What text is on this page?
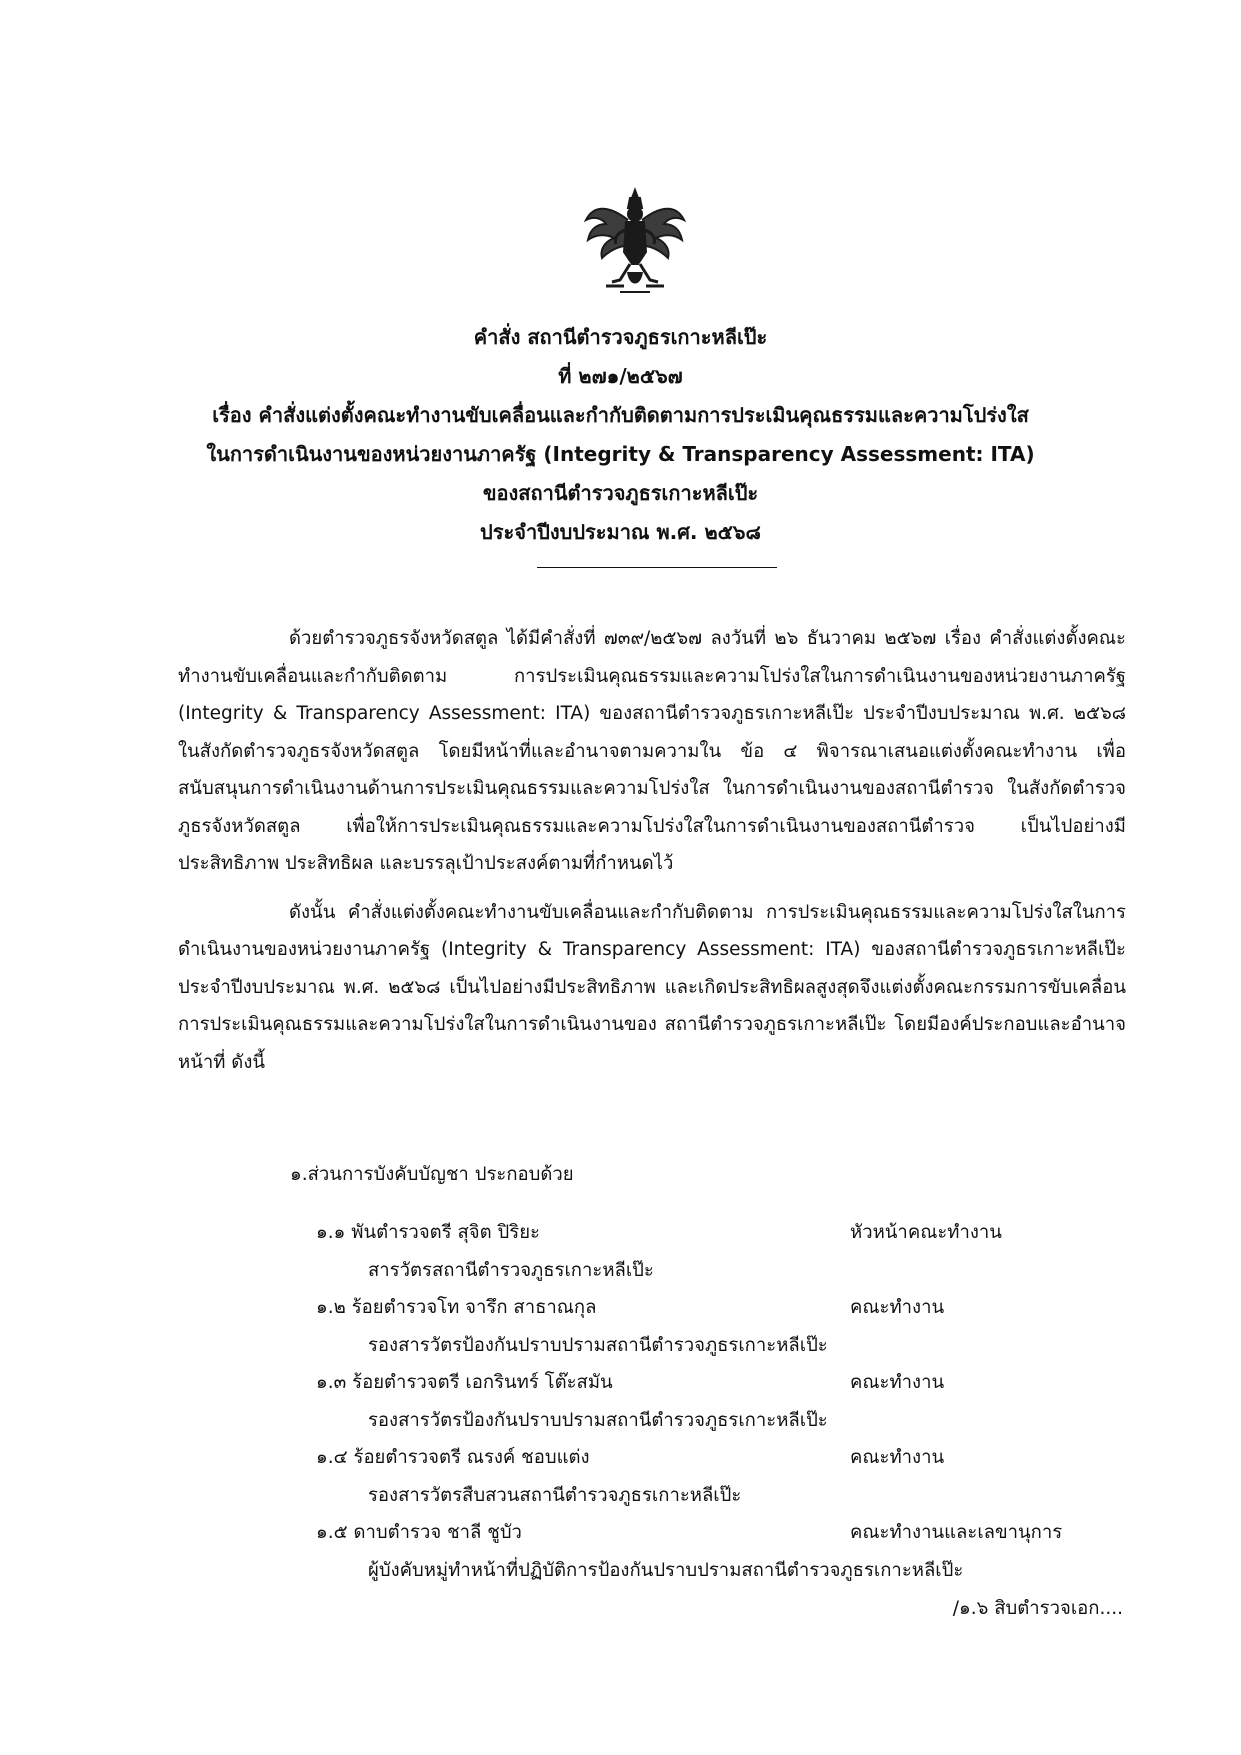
คำสั่ง สถานีตำรวจภูธรเกาะหลีเป๊ะ
ที่ ๒๗๑/๒๕๖๗
เรื่อง คำสั่งแต่งตั้งคณะทำงานขับเคลื่อนและกำกับติดตามการประเมินคุณธรรมและความโปร่งใส
ในการดำเนินงานของหน่วยงานภาครัฐ (Integrity & Transparency Assessment: ITA)
ของสถานีตำรวจภูธรเกาะหลีเป๊ะ
ประจำปีงบประมาณ พ.ศ. ๒๕๖๘

ด้วยตำรวจภูธรจังหวัดสตูล ได้มีคำสั่งที่ ๗๓๙/๒๕๖๗ ลงวันที่ ๒๖ ธันวาคม ๒๕๖๗ เรื่อง คำสั่งแต่งตั้งคณะทำงานขับเคลื่อนและกำกับติดตาม การประเมินคุณธรรมและความโปร่งใสในการดำเนินงานของหน่วยงานภาครัฐ (Integrity & Transparency Assessment: ITA) ของสถานีตำรวจภูธรเกาะหลีเป๊ะ ประจำปีงบประมาณ พ.ศ. ๒๕๖๘ ในสังกัดตำรวจภูธรจังหวัดสตูล โดยมีหน้าที่และอำนาจตามความใน ข้อ ๔ พิจารณาเสนอแต่งตั้งคณะทำงาน เพื่อสนับสนุนการดำเนินงานด้านการประเมินคุณธรรมและความโปร่งใส ในการดำเนินงานของสถานีตำรวจ ในสังกัดตำรวจภูธรจังหวัดสตูล เพื่อให้การประเมินคุณธรรมและความโปร่งใสในการดำเนินงานของสถานีตำรวจ เป็นไปอย่างมีประสิทธิภาพ ประสิทธิผล และบรรลุเป้าประสงค์ตามที่กำหนดไว้

ดังนั้น คำสั่งแต่งตั้งคณะทำงานขับเคลื่อนและกำกับติดตาม การประเมินคุณธรรมและความโปร่งใสในการดำเนินงานของหน่วยงานภาครัฐ (Integrity & Transparency Assessment: ITA) ของสถานีตำรวจภูธรเกาะหลีเป๊ะ ประจำปีงบประมาณ พ.ศ. ๒๕๖๘ เป็นไปอย่างมีประสิทธิภาพ และเกิดประสิทธิผลสูงสุดจึงแต่งตั้งคณะกรรมการขับเคลื่อนการประเมินคุณธรรมและความโปร่งใสในการดำเนินงานของ สถานีตำรวจภูธรเกาะหลีเป๊ะ โดยมีองค์ประกอบและอำนาจหน้าที่ ดังนี้

๑.ส่วนการบังคับบัญชา ประกอบด้วย
๑.๑ พันตำรวจตรี สุจิต ปิริยะ	หัวหน้าคณะทำงาน
สารวัตรสถานีตำรวจภูธรเกาะหลีเป๊ะ
๑.๒ ร้อยตำรวจโท จารึก สาธาณกุล	คณะทำงาน
รองสารวัตรป้องกันปราบปรามสถานีตำรวจภูธรเกาะหลีเป๊ะ
๑.๓ ร้อยตำรวจตรี เอกรินทร์ โต๊ะสมัน	คณะทำงาน
รองสารวัตรป้องกันปราบปรามสถานีตำรวจภูธรเกาะหลีเป๊ะ
๑.๔ ร้อยตำรวจตรี ณรงค์ ชอบแต่ง	คณะทำงาน
รองสารวัตรสืบสวนสถานีตำรวจภูธรเกาะหลีเป๊ะ
๑.๕ ดาบตำรวจ ชาลี ชูบัว	คณะทำงานและเลขานุการ
ผู้บังคับหมู่ทำหน้าที่ปฏิบัติการป้องกันปราบปรามสถานีตำรวจภูธรเกาะหลีเป๊ะ
/๑.๖ สิบตำรวจเอก....
